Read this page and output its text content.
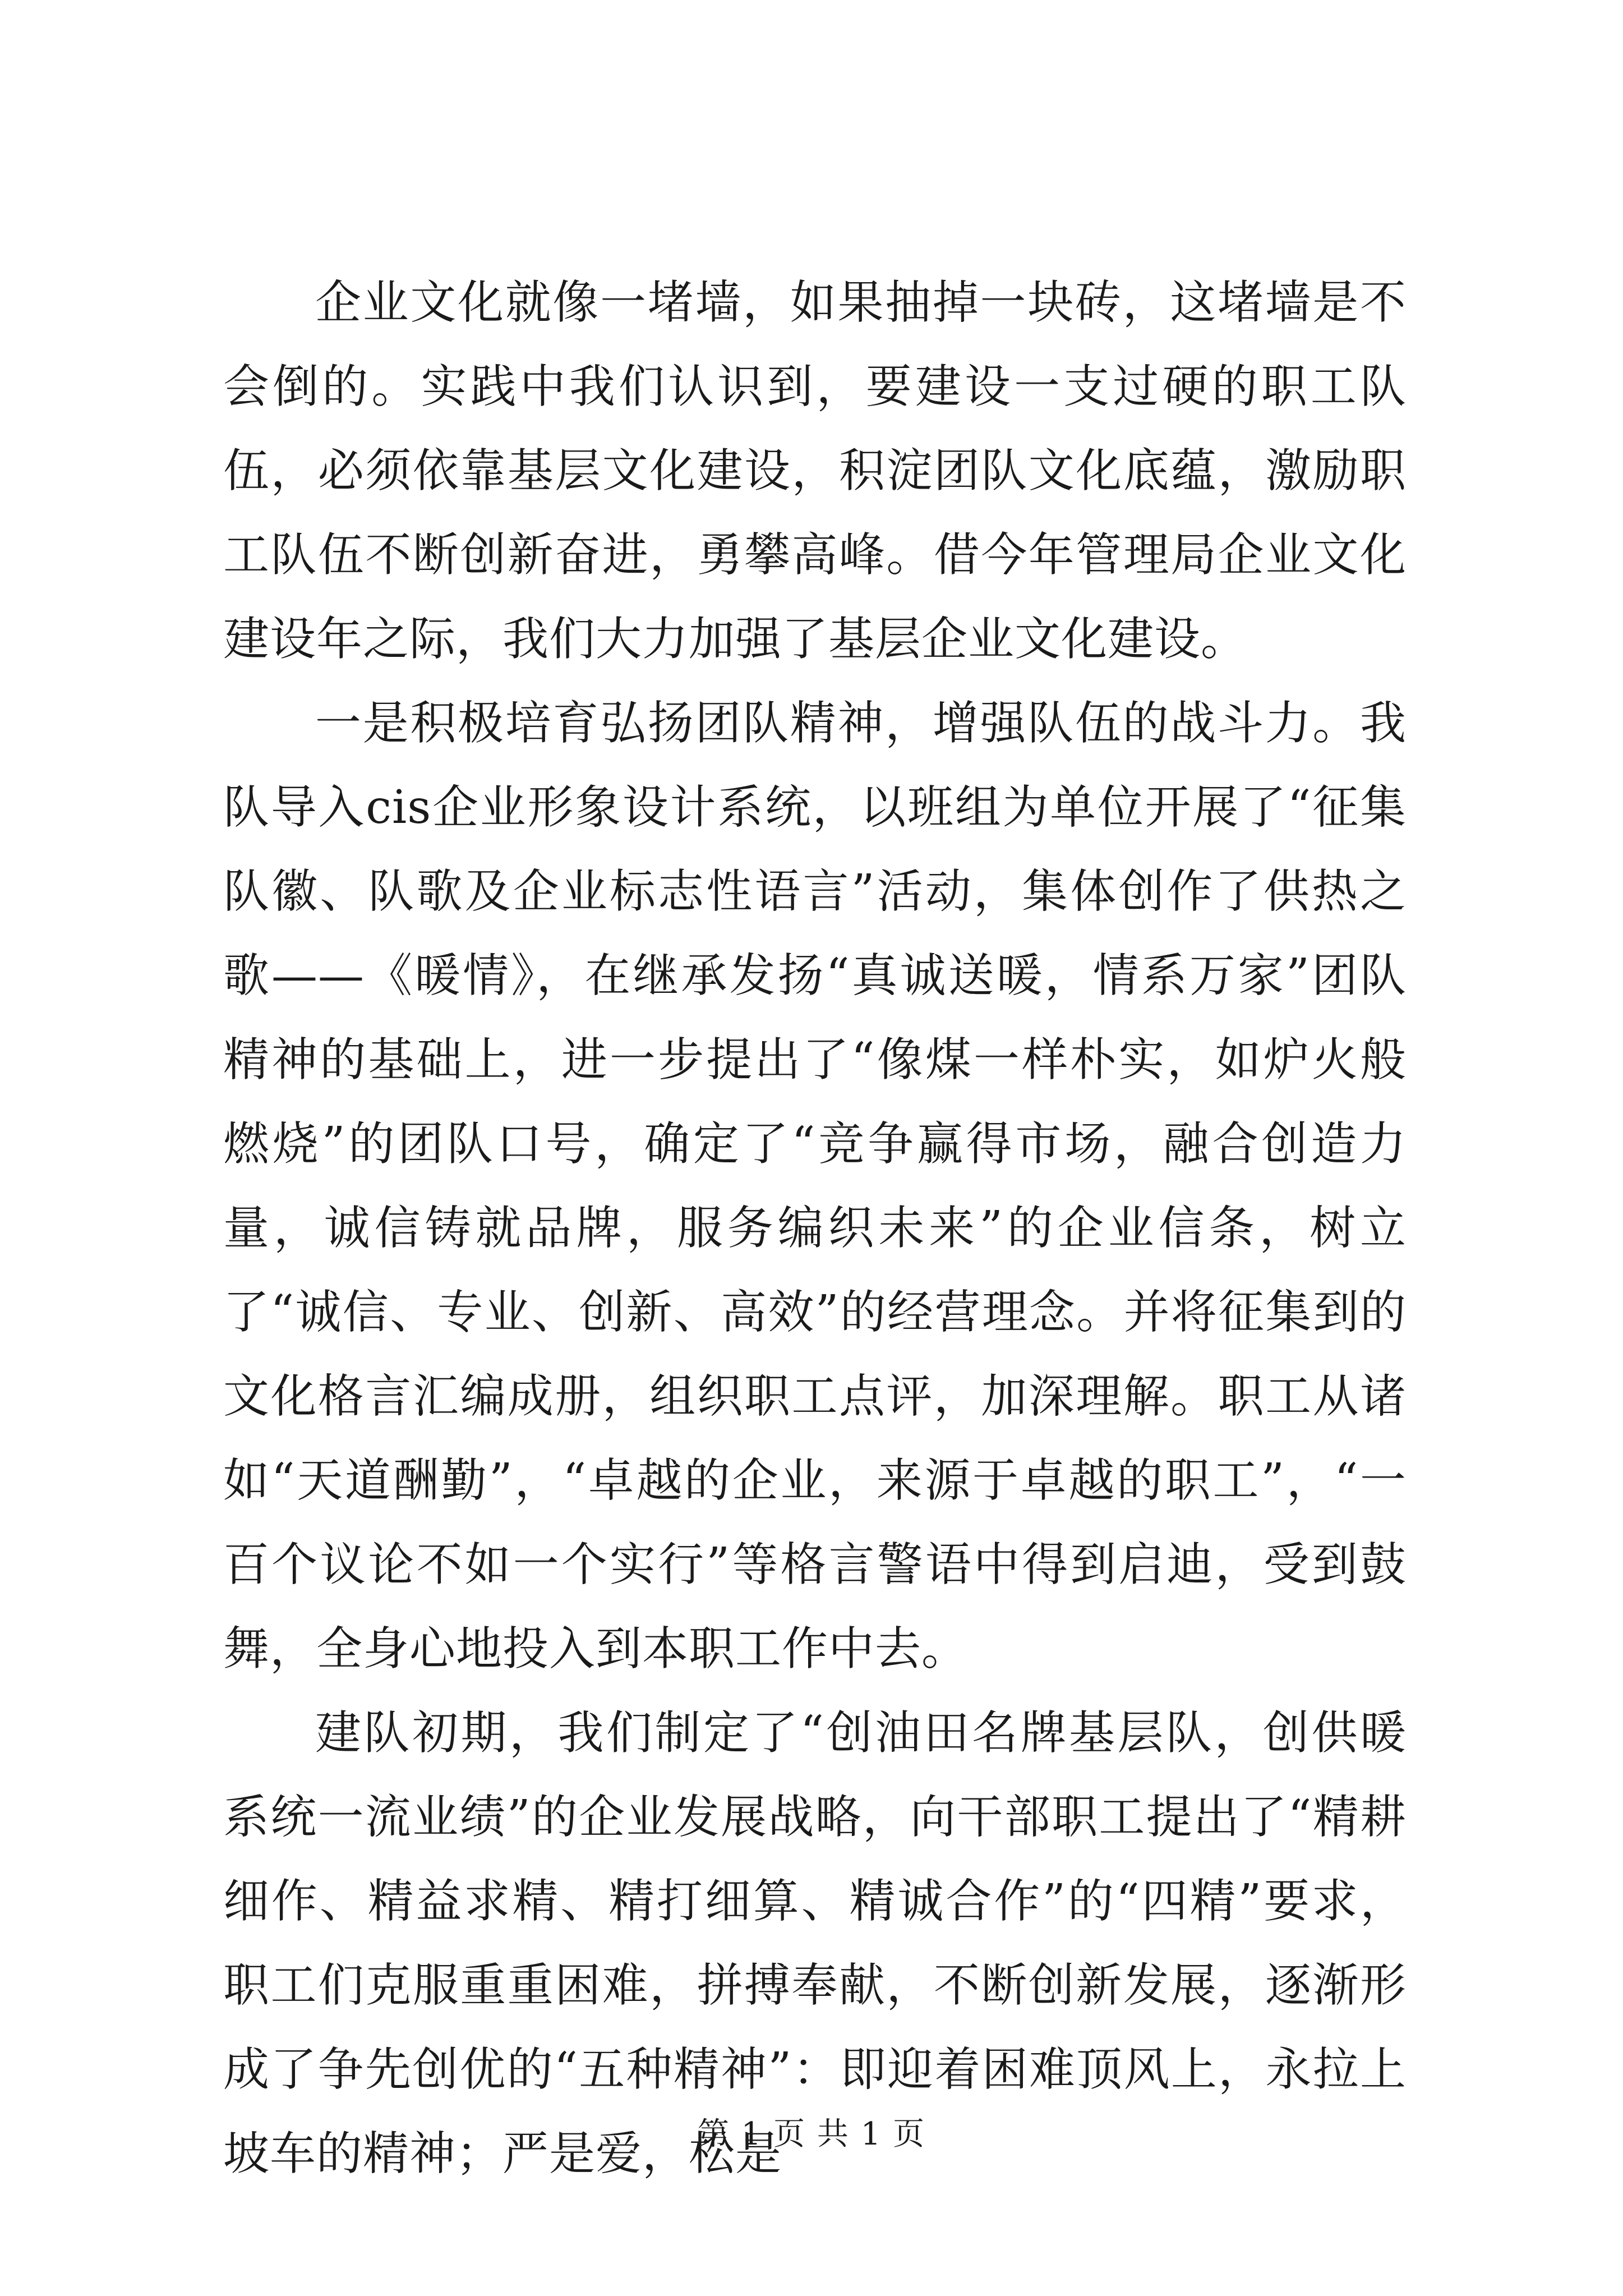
企业文化就像一堵墙，如果抽掉一块砖，这堵墙是不会倒的。实践中我们认识到，要建设一支过硬的职工队伍，必须依靠基层文化建设，积淀团队文化底蕴，激励职工队伍不断创新奋进，勇攀高峰。借今年管理局企业文化建设年之际，我们大力加强了基层企业文化建设。

一是积极培育弘扬团队精神，增强队伍的战斗力。我队导入cis企业形象设计系统，以班组为单位开展了“征集队徽、队歌及企业标志性语言”活动，集体创作了供热之歌——《暖情》，在继承发扬“真诚送暖，情系万家”团队精神的基础上，进一步提出了“像煤一样朴实，如炉火般燃烧”的团队口号，确定了“竞争赢得市场，融合创造力量，诚信铸就品牌，服务编织未来”的企业信条，树立了“诚信、专业、创新、高效”的经营理念。并将征集到的文化格言汇编成册，组织职工点评，加深理解。职工从诸如“天道酬勤”，“卓越的企业，来源于卓越的职工”，“一百个议论不如一个实行”等格言警语中得到启迪，受到鼓舞，全身心地投入到本职工作中去。

建队初期，我们制定了“创油田名牌基层队，创供暖系统一流业绩”的企业发展战略，向干部职工提出了“精耕细作、精益求精、精打细算、精诚合作”的“四精”要求，职工们克服重重困难，拼搏奉献，不断创新发展，逐渐形成了争先创优的“五种精神”：即迎着困难顶风上，永拉上坡车的精神；严是爱，松是

第 1 页 共 1 页
